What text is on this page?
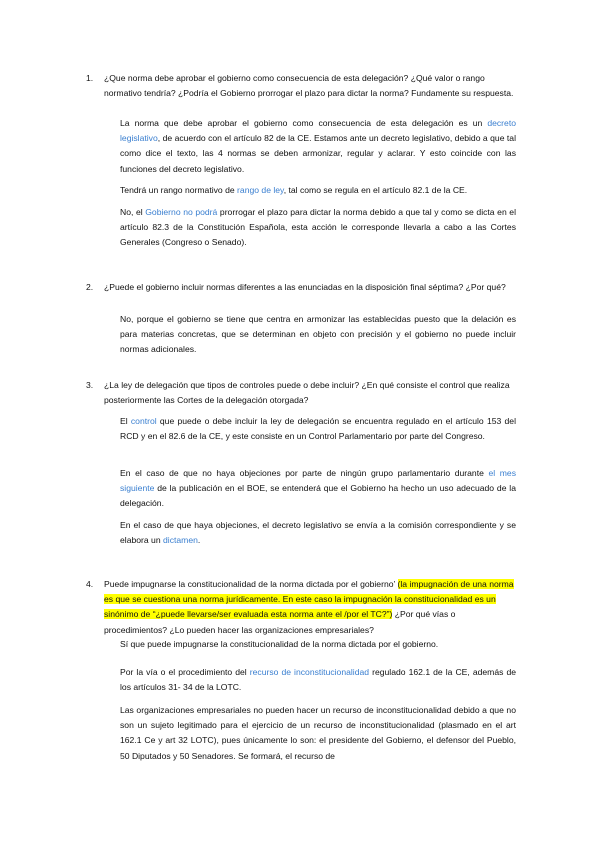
1. ¿Que norma debe aprobar el gobierno como consecuencia de esta delegación? ¿Qué valor o rango normativo tendría? ¿Podría el Gobierno prorrogar el plazo para dictar la norma? Fundamente su respuesta.
La norma que debe aprobar el gobierno como consecuencia de esta delegación es un decreto legislativo, de acuerdo con el artículo 82 de la CE. Estamos ante un decreto legislativo, debido a que tal como dice el texto, las 4 normas se deben armonizar, regular y aclarar. Y esto coincide con las funciones del decreto legislativo.
Tendrá un rango normativo de rango de ley, tal como se regula en el artículo 82.1 de la CE.
No, el Gobierno no podrá prorrogar el plazo para dictar la norma debido a que tal y como se dicta en el artículo 82.3 de la Constitución Española, esta acción le corresponde llevarla a cabo a las Cortes Generales (Congreso o Senado).
2. ¿Puede el gobierno incluir normas diferentes a las enunciadas en la disposición final séptima? ¿Por qué?
No, porque el gobierno se tiene que centra en armonizar las establecidas puesto que la delación es para materias concretas, que se determinan en objeto con precisión y el gobierno no puede incluir normas adicionales.
3. ¿La ley de delegación que tipos de controles puede o debe incluir? ¿En qué consiste el control que realiza posteriormente las Cortes de la delegación otorgada?
El control que puede o debe incluir la ley de delegación se encuentra regulado en el artículo 153 del RCD y en el 82.6 de la CE, y este consiste en un Control Parlamentario por parte del Congreso.
En el caso de que no haya objeciones por parte de ningún grupo parlamentario durante el mes siguiente de la publicación en el BOE, se entenderá que el Gobierno ha hecho un uso adecuado de la delegación.
En el caso de que haya objeciones, el decreto legislativo se envía a la comisión correspondiente y se elabora un dictamen.
4. Puede impugnarse la constitucionalidad de la norma dictada por el gobierno’ (la impugnación de una norma es que se cuestiona una norma jurídicamente. En este caso la impugnación la constitucionalidad es un sinónimo de “¿puede llevarse/ser evaluada esta norma ante el /por el TC?”) ¿Por qué vías o procedimientos? ¿Lo pueden hacer las organizaciones empresariales?
Sí que puede impugnarse la constitucionalidad de la norma dictada por el gobierno.
Por la vía o el procedimiento del recurso de inconstitucionalidad regulado 162.1 de la CE, además de los artículos 31- 34 de la LOTC.
Las organizaciones empresariales no pueden hacer un recurso de inconstitucionalidad debido a que no son un sujeto legitimado para el ejercicio de un recurso de inconstitucionalidad (plasmado en el art 162.1 Ce y art 32 LOTC), pues únicamente lo son: el presidente del Gobierno, el defensor del Pueblo, 50 Diputados y 50 Senadores. Se formará, el recurso de
